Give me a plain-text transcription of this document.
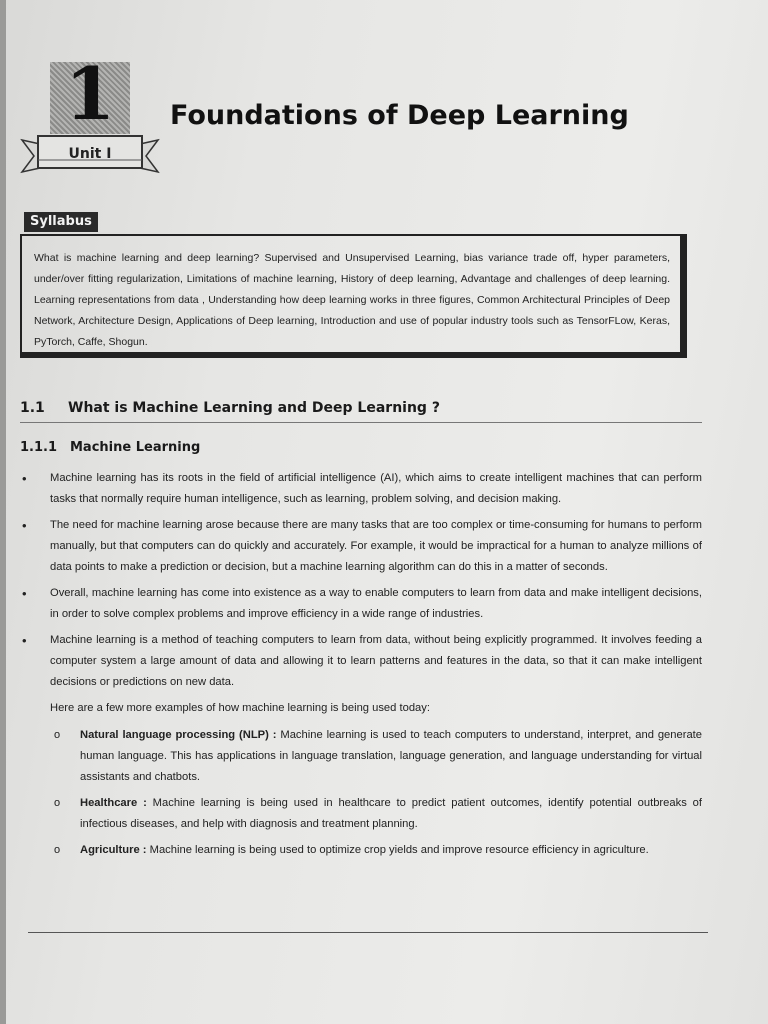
1
Unit I
Foundations of Deep Learning
Syllabus
What is machine learning and deep learning? Supervised and Unsupervised Learning, bias variance trade off, hyper parameters, under/over fitting regularization, Limitations of machine learning, History of deep learning, Advantage and challenges of deep learning. Learning representations from data , Understanding how deep learning works in three figures, Common Architectural Principles of Deep Network, Architecture Design, Applications of Deep learning, Introduction and use of popular industry tools such as TensorFLow, Keras, PyTorch, Caffe, Shogun.
1.1 What is Machine Learning and Deep Learning ?
1.1.1 Machine Learning
• Machine learning has its roots in the field of artificial intelligence (AI), which aims to create intelligent machines that can perform tasks that normally require human intelligence, such as learning, problem solving, and decision making.
• The need for machine learning arose because there are many tasks that are too complex or time-consuming for humans to perform manually, but that computers can do quickly and accurately. For example, it would be impractical for a human to analyze millions of data points to make a prediction or decision, but a machine learning algorithm can do this in a matter of seconds.
• Overall, machine learning has come into existence as a way to enable computers to learn from data and make intelligent decisions, in order to solve complex problems and improve efficiency in a wide range of industries.
• Machine learning is a method of teaching computers to learn from data, without being explicitly programmed. It involves feeding a computer system a large amount of data and allowing it to learn patterns and features in the data, so that it can make intelligent decisions or predictions on new data.
Here are a few more examples of how machine learning is being used today:
o Natural language processing (NLP) : Machine learning is used to teach computers to understand, interpret, and generate human language. This has applications in language translation, language generation, and language understanding for virtual assistants and chatbots.
o Healthcare : Machine learning is being used in healthcare to predict patient outcomes, identify potential outbreaks of infectious diseases, and help with diagnosis and treatment planning.
o Agriculture : Machine learning is being used to optimize crop yields and improve resource efficiency in agriculture.
